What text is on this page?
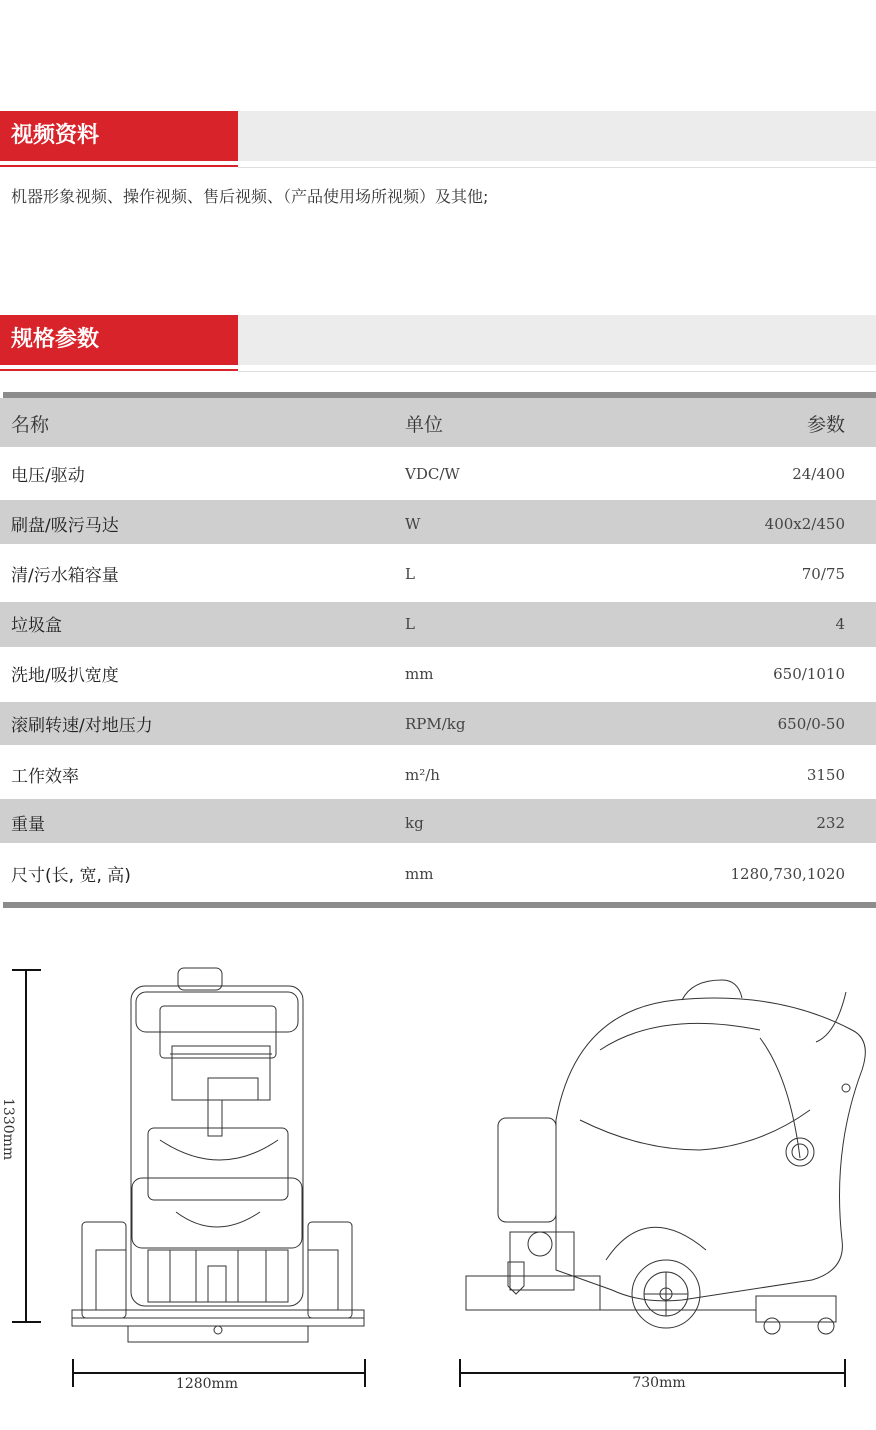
视频资料
机器形象视频、操作视频、售后视频、（产品使用场所视频）及其他;
规格参数
名称	单位	参数
电压/驱动	VDC/W	24/400
刷盘/吸污马达	W	400x2/450
清/污水箱容量	L	70/75
垃圾盒	L	4
洗地/吸扒宽度	mm	650/1010
滚刷转速/对地压力	RPM/kg	650/0-50
工作效率	m²/h	3150
重量	kg	232
尺寸(长, 宽, 高)	mm	1280,730,1020
1330mm
1280mm	730mm
